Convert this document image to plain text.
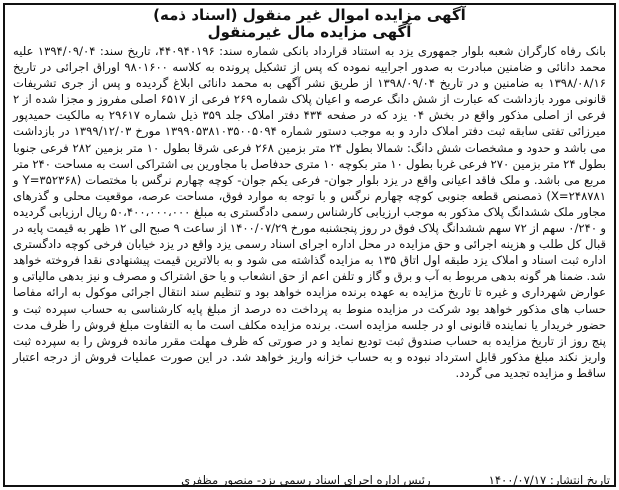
آگهی مزایده اموال غیر منقول (اسناد ذمه)
آگهی مزایده مال غیرمنقول

بانک رفاه کارگران شعبه بلوار جمهوری یزد به استناد قرارداد بانکی شماره سند: ۴۴۰۹۴۰۱۹۶، تاریخ سند: ۱۳۹۴/۰۹/۰۴ علیه محمد دانائی و ضامنین مبادرت به صدور اجراییه نموده که پس از تشکیل پرونده به کلاسه ۹۸۰۱۶۰۰ اوراق اجرائی در تاریخ ۱۳۹۸/۰۸/۱۶ به ضامنین و در تاریخ ۱۳۹۸/۰۹/۰۴ از طریق نشر آگهی به محمد دانائی ابلاغ گردیده و پس از جری تشریفات قانونی مورد بازداشت که عبارت از شش دانگ عرصه و اعیان پلاک شماره ۲۶۹ فرعی از ۶۵۱۷ اصلی مفروز و مجزا شده از ۲ فرعی از اصلی مذکور واقع در بخش ۰۴ یزد که در صفحه ۴۳۴ دفتر املاک جلد ۳۵۹ ذیل شماره ۲۹۶۱۷ به مالکیت حمیدپور میرزائی تفتی سابقه ثبت دفتر املاک دارد و به موجب دستور شماره ۱۳۹۹۰۵۳۸۱۰۳۵۰۰۵۰۹۴ مورخ ۱۳۹۹/۱۲/۰۳ در بازداشت می باشد و حدود و مشخصات شش دانگ: شمالا بطول ۲۴ متر بزمین ۲۶۸ فرعی شرقا بطول ۱۰ متر بزمین ۲۸۲ فرعی جنوبا بطول ۲۴ متر بزمین ۲۷۰ فرعی غربا بطول ۱۰ متر بکوچه ۱۰ متری حدفاصل با مجاورین بی اشتراکی است به مساحت ۲۴۰ متر مربع می باشد. و ملک فاقد اعیانی واقع در یزد بلوار جوان- فرعی یکم جوان- کوچه چهارم نرگس با مختصات (۳۵۲۳۶۸=Y و ۲۴۸۷۸۱=X) ذمصنص قطعه جنوبی کوچه چهارم نرگس و با توجه به موارد فوق، مساحت عرصه، موقعیت محلی و گذرهای مجاور ملک ششدانگ پلاک مذکور به موجب ارزیابی کارشناس رسمی دادگستری به مبلغ ۵۰،۴۰۰،۰۰۰،۰۰۰ ریال ارزیابی گردیده و ۰/۲۴۰ سهم از ۷۲ سهم ششدانگ پلاک فوق در روز پنجشنبه مورخ ۱۴۰۰/۰۷/۲۹ از ساعت ۹ صبح الی ۱۲ ظهر به قیمت پایه در قبال کل طلب و هزینه اجرائی و حق مزایده در محل اداره اجرای اسناد رسمی یزد واقع در یزد خیابان فرخی کوچه دادگستری اداره ثبت اسناد و املاک یزد طبقه اول اتاق ۱۳۵ به مزایده گذاشته می شود و به بالاترین قیمت پیشنهادی نقدا فروخته خواهد شد. ضمنا هر گونه بدهی مربوط به آب و برق و گاز و تلفن اعم از حق انشعاب و یا حق اشتراک و مصرف و نیز بدهی مالیاتی و عوارض شهرداری و غیره تا تاریخ مزایده به عهده برنده مزایده خواهد بود و تنظیم سند انتقال اجرائی موکول به ارائه مفاصا حساب های مذکور خواهد بود شرکت در مزایده منوط به پرداخت ده درصد از مبلغ پایه کارشناسی به حساب سپرده ثبت و حضور خریدار یا نماینده قانونی او در جلسه مزایده است. برنده مزایده مکلف است ما به التفاوت مبلغ فروش را ظرف مدت پنج روز از تاریخ مزایده به حساب صندوق ثبت تودیع نماید و در صورتی که ظرف مهلت مقرر مانده فروش را به سپرده ثبت واریز نکند مبلغ مذکور قابل استرداد نبوده و به حساب خزانه واریز خواهد شد. در این صورت عملیات فروش از درجه اعتبار ساقط و مزایده تجدید می گردد.

تاریخ انتشار: ۱۴۰۰/۰۷/۱۷
رئیس اداره اجرای اسناد رسمی یزد- منصور مظفری
